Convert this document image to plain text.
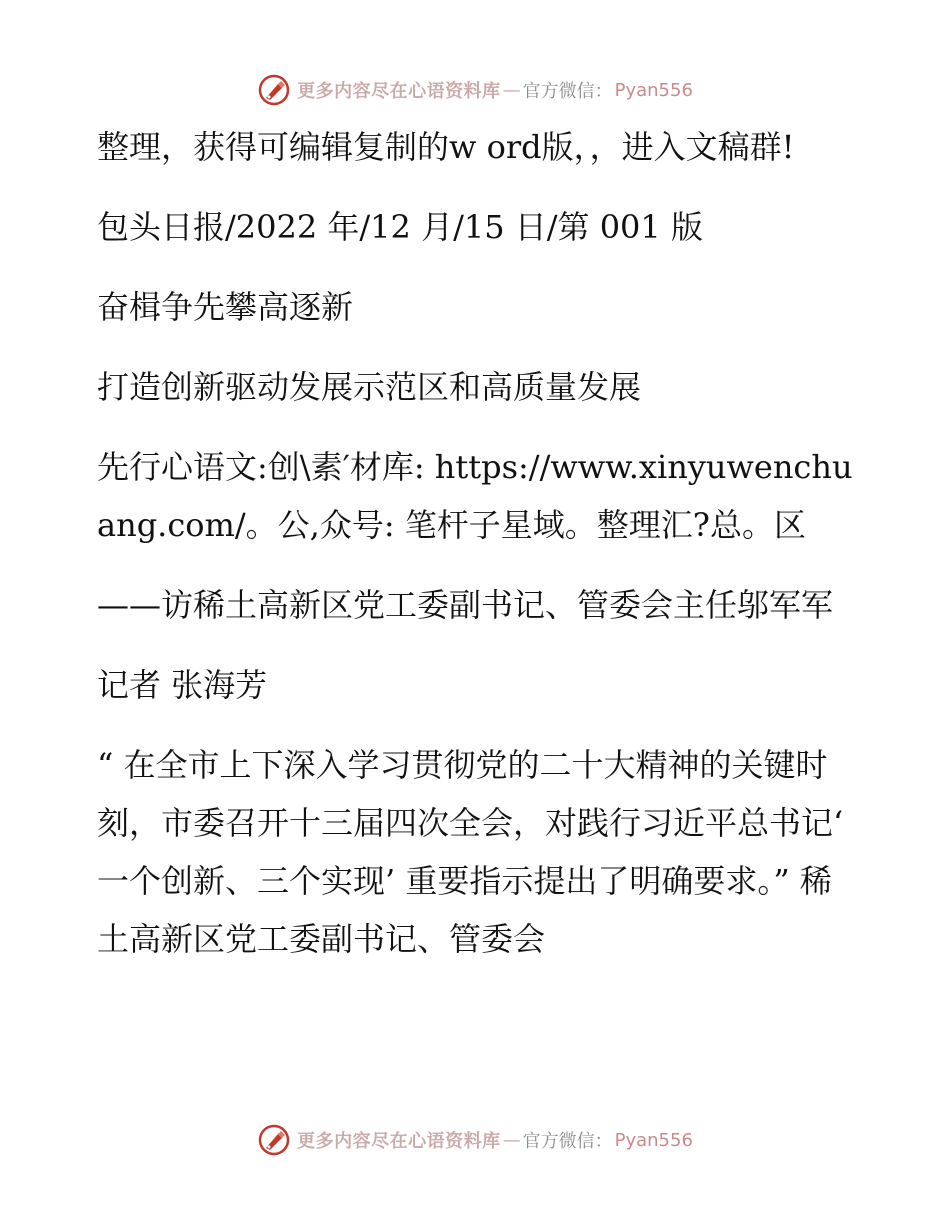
更多内容尽在心语资料库 — 官方微信： Pyan556

整理，获得可编辑复制的w ord版，，进入文稿群!

包头日报/2022 年/12 月/15 日/第 001 版

奋楫争先攀高逐新

打造创新驱动发展示范区和高质量发展

先行心语文:创\素′材库: https://www.xinyuwenchuang.com/。公,众号: 笔杆子星域。整理汇?总。区

——访稀土高新区党工委副书记、管委会主任邬军军

记者 张海芳

“ 在全市上下深入学习贯彻党的二十大精神的关键时刻，市委召开十三届四次全会，对践行习近平总书记‘ 一个创新、三个实现’ 重要指示提出了明确要求。” 稀土高新区党工委副书记、管委会

更多内容尽在心语资料库 — 官方微信： Pyan556
